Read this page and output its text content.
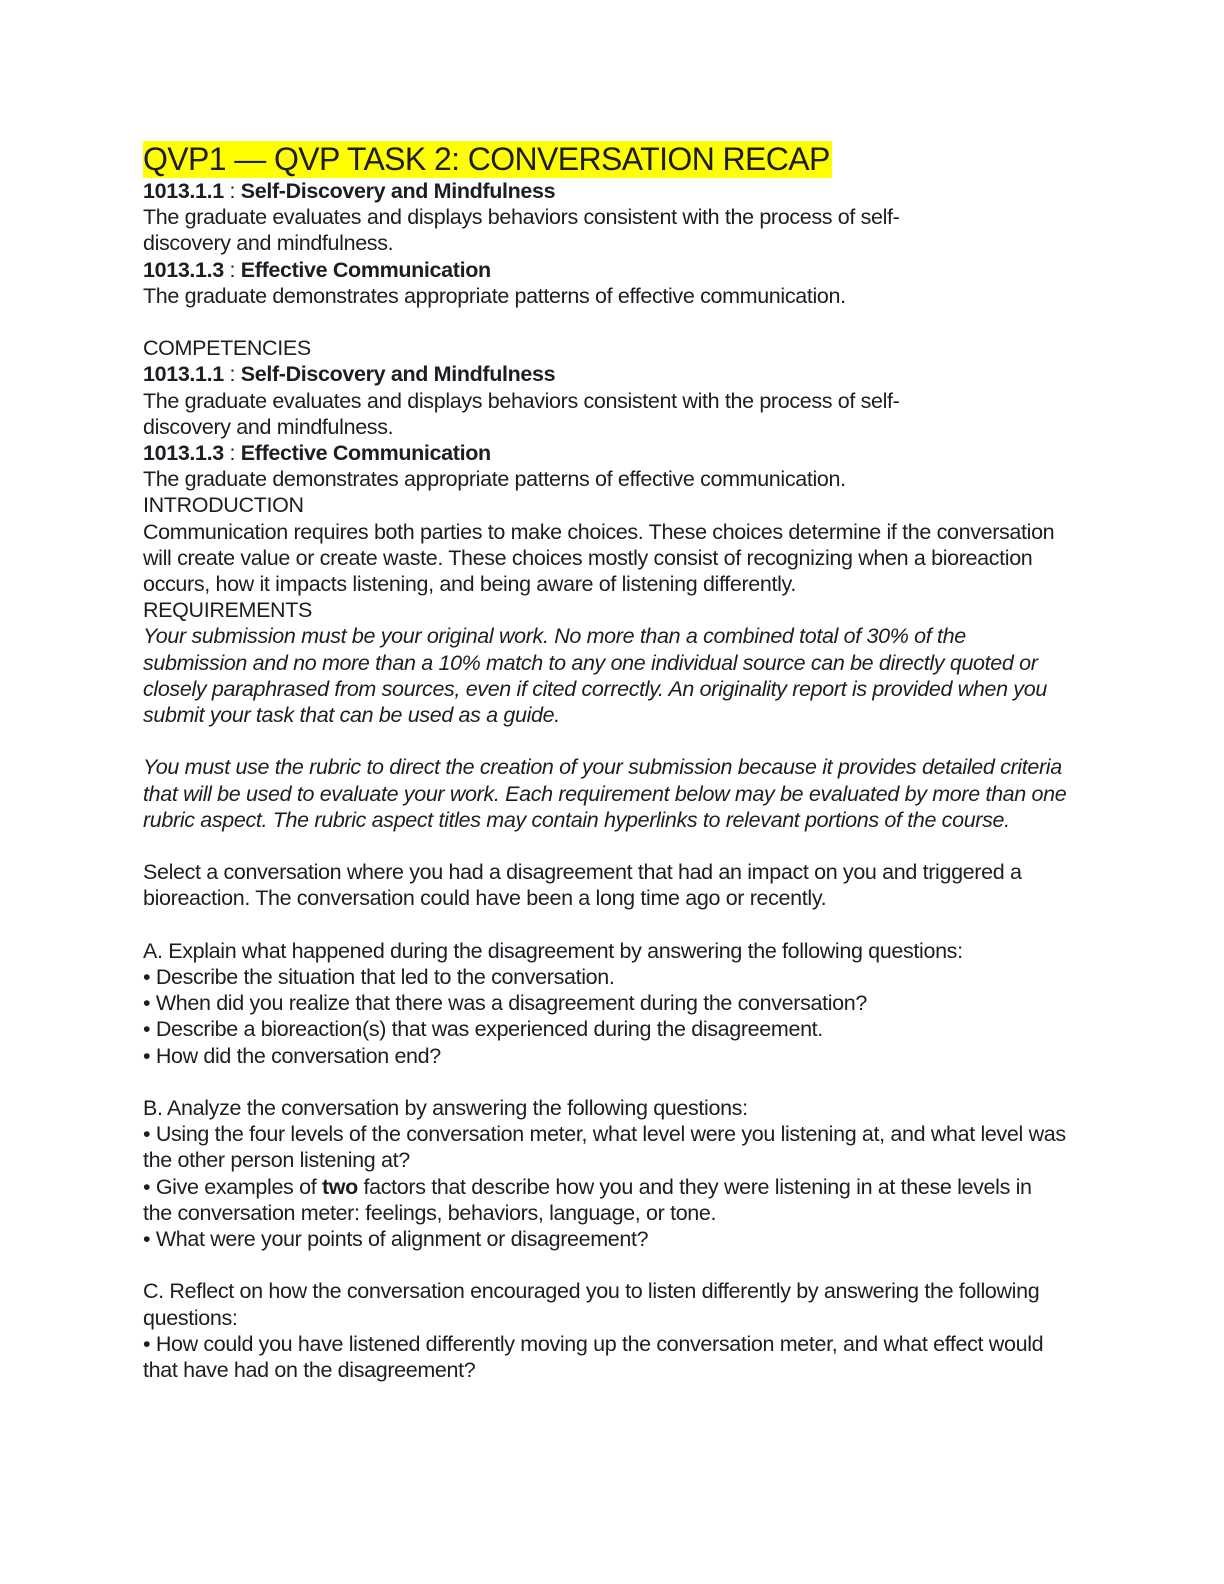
QVP1 — QVP TASK 2: CONVERSATION RECAP

1013.1.1 : Self-Discovery and Mindfulness

The graduate evaluates and displays behaviors consistent with the process of self-discovery and mindfulness.

1013.1.3 : Effective Communication

The graduate demonstrates appropriate patterns of effective communication.

COMPETENCIES

1013.1.1 : Self-Discovery and Mindfulness

The graduate evaluates and displays behaviors consistent with the process of self-discovery and mindfulness.

1013.1.3 : Effective Communication

The graduate demonstrates appropriate patterns of effective communication.

INTRODUCTION

Communication requires both parties to make choices. These choices determine if the conversation will create value or create waste. These choices mostly consist of recognizing when a bioreaction occurs, how it impacts listening, and being aware of listening differently.

REQUIREMENTS

Your submission must be your original work. No more than a combined total of 30% of the submission and no more than a 10% match to any one individual source can be directly quoted or closely paraphrased from sources, even if cited correctly. An originality report is provided when you submit your task that can be used as a guide.

You must use the rubric to direct the creation of your submission because it provides detailed criteria that will be used to evaluate your work. Each requirement below may be evaluated by more than one rubric aspect. The rubric aspect titles may contain hyperlinks to relevant portions of the course.

Select a conversation where you had a disagreement that had an impact on you and triggered a bioreaction. The conversation could have been a long time ago or recently.

A. Explain what happened during the disagreement by answering the following questions:

• Describe the situation that led to the conversation.
• When did you realize that there was a disagreement during the conversation?
• Describe a bioreaction(s) that was experienced during the disagreement.
• How did the conversation end?

B. Analyze the conversation by answering the following questions:

• Using the four levels of the conversation meter, what level were you listening at, and what level was the other person listening at?
• Give examples of two factors that describe how you and they were listening in at these levels in the conversation meter: feelings, behaviors, language, or tone.
• What were your points of alignment or disagreement?

C. Reflect on how the conversation encouraged you to listen differently by answering the following questions:

• How could you have listened differently moving up the conversation meter, and what effect would that have had on the disagreement?
